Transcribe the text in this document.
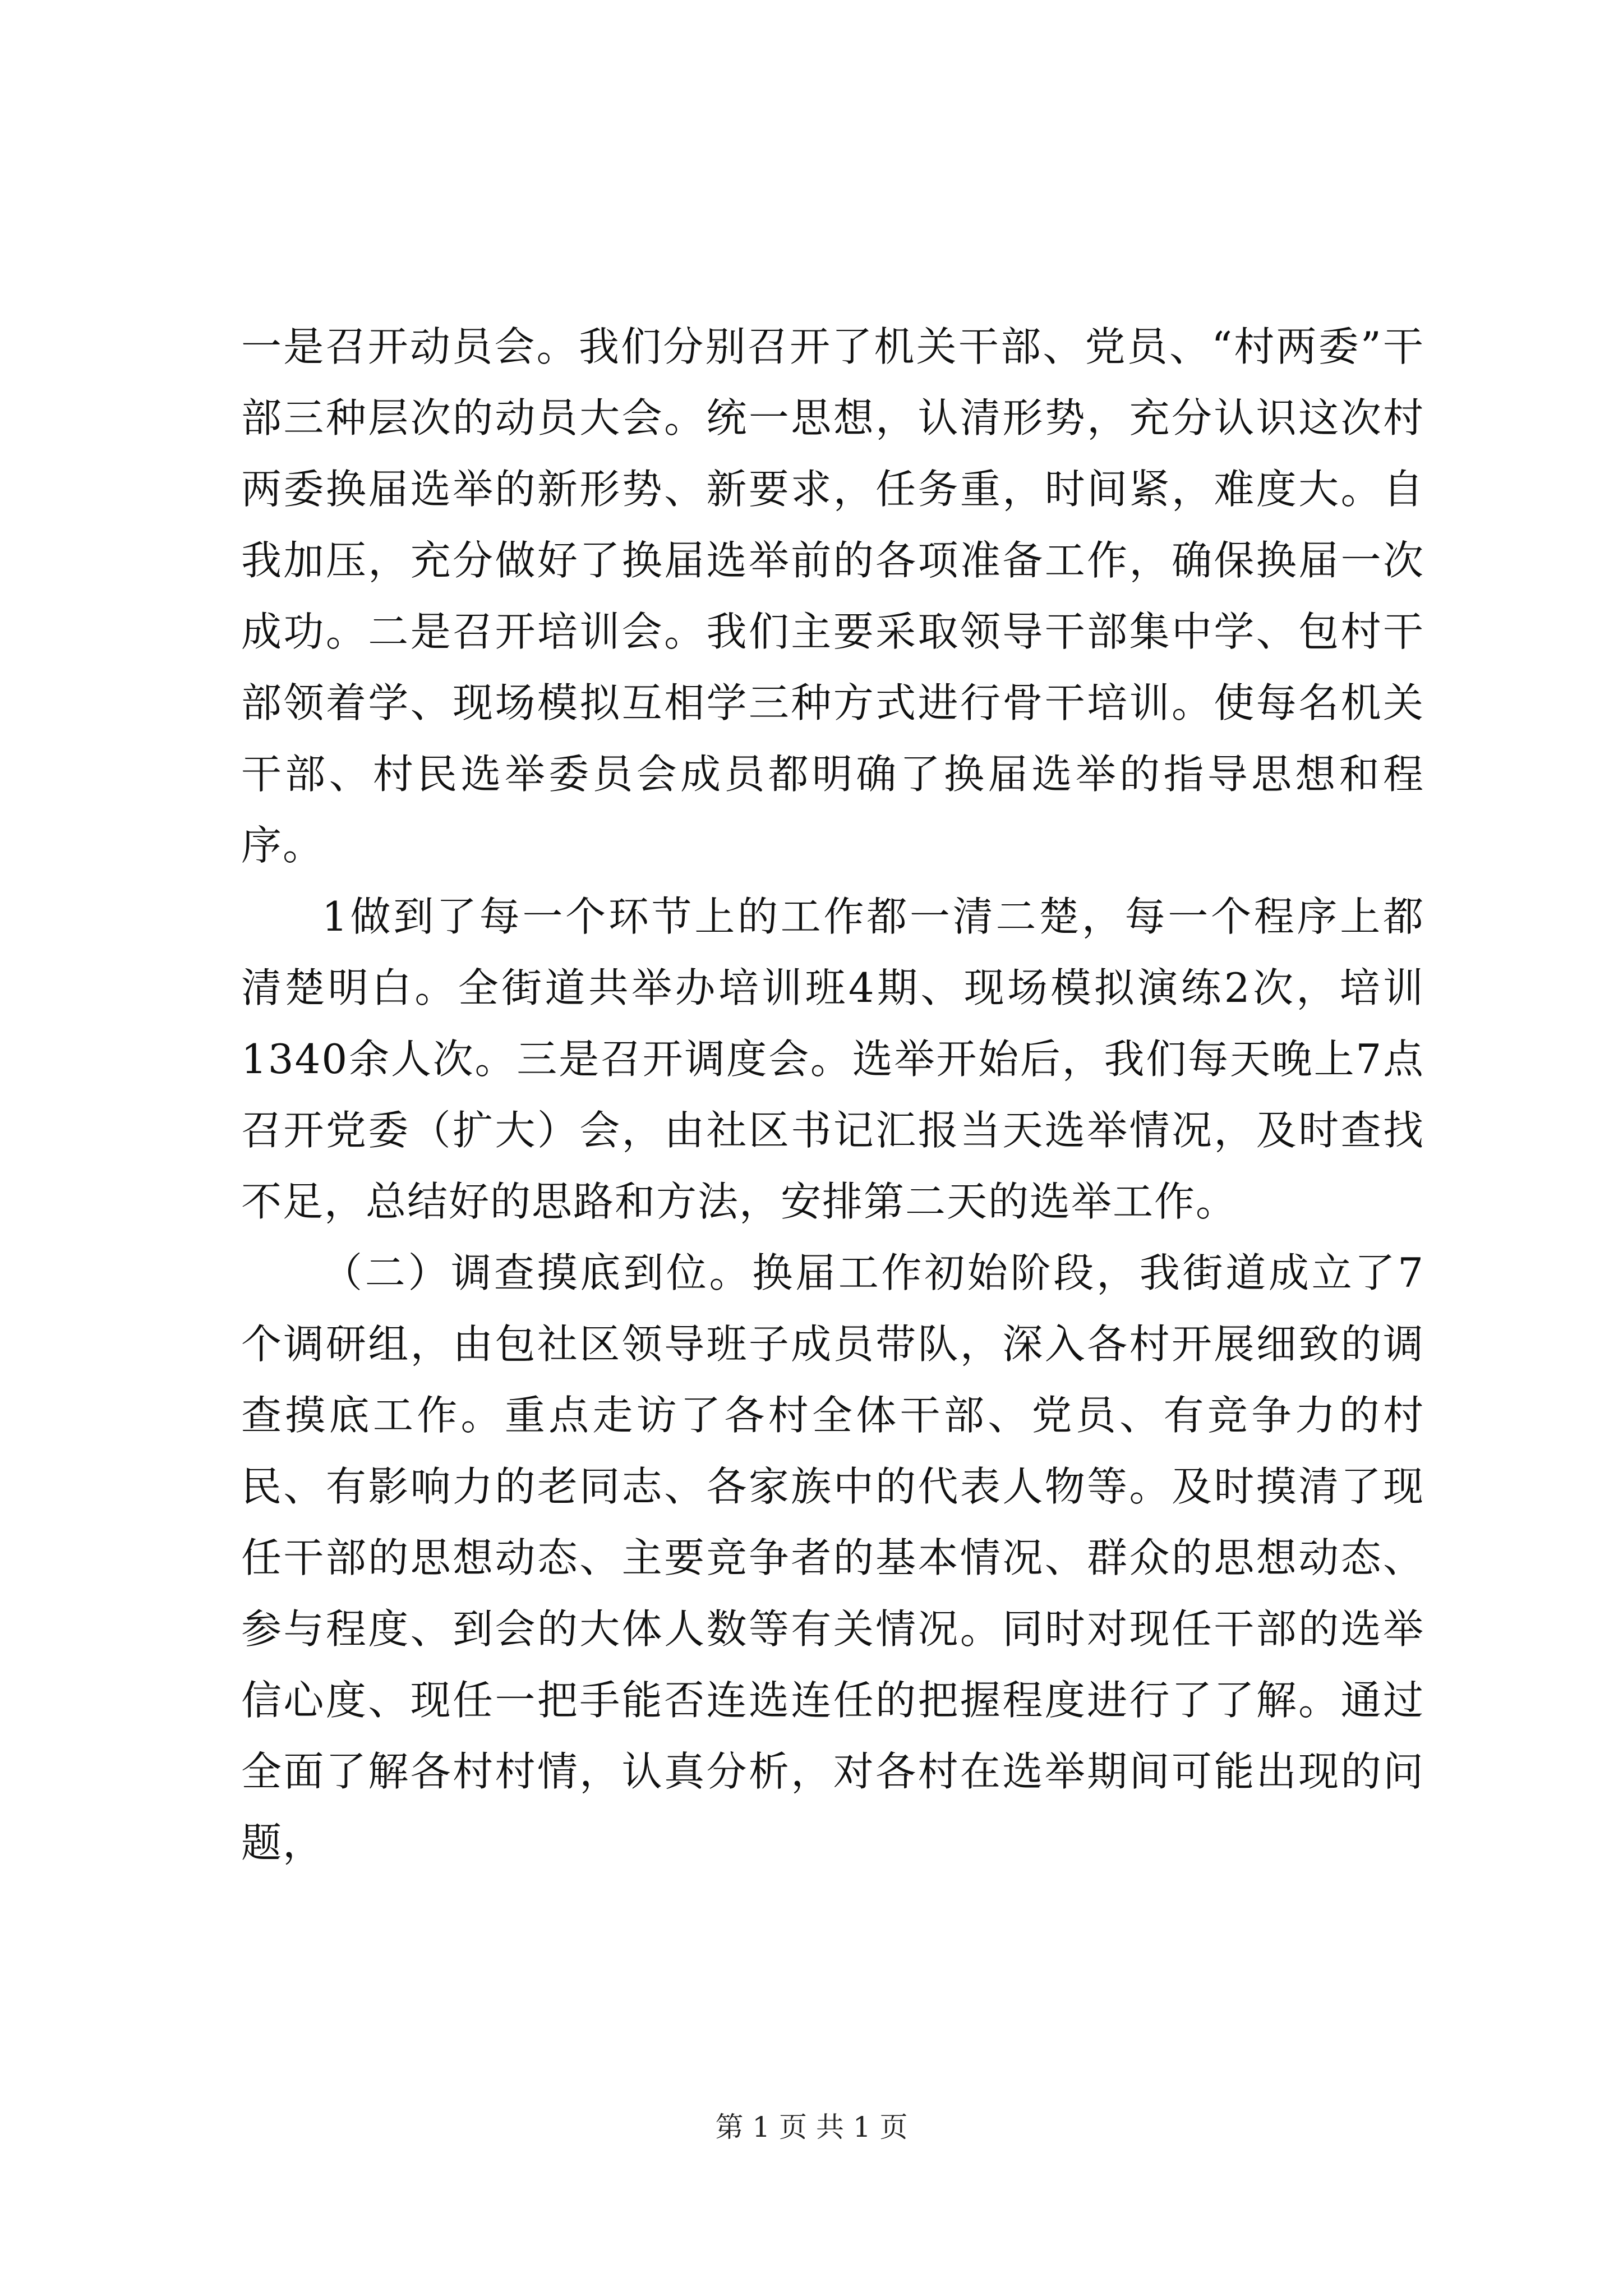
一是召开动员会。我们分别召开了机关干部、党员、“村两委”干部三种层次的动员大会。统一思想，认清形势，充分认识这次村两委换届选举的新形势、新要求，任务重，时间紧，难度大。自我加压，充分做好了换届选举前的各项准备工作，确保换届一次成功。二是召开培训会。我们主要采取领导干部集中学、包村干部领着学、现场模拟互相学三种方式进行骨干培训。使每名机关干部、村民选举委员会成员都明确了换届选举的指导思想和程序。

1做到了每一个环节上的工作都一清二楚，每一个程序上都清楚明白。全街道共举办培训班4期、现场模拟演练2次，培训1340余人次。三是召开调度会。选举开始后，我们每天晚上7点召开党委（扩大）会，由社区书记汇报当天选举情况，及时查找不足，总结好的思路和方法，安排第二天的选举工作。

（二）调查摸底到位。换届工作初始阶段，我街道成立了7个调研组，由包社区领导班子成员带队，深入各村开展细致的调查摸底工作。重点走访了各村全体干部、党员、有竞争力的村民、有影响力的老同志、各家族中的代表人物等。及时摸清了现任干部的思想动态、主要竞争者的基本情况、群众的思想动态、参与程度、到会的大体人数等有关情况。同时对现任干部的选举信心度、现任一把手能否连选连任的把握程度进行了了解。通过全面了解各村村情，认真分析，对各村在选举期间可能出现的问题，

第 1 页 共 1 页
